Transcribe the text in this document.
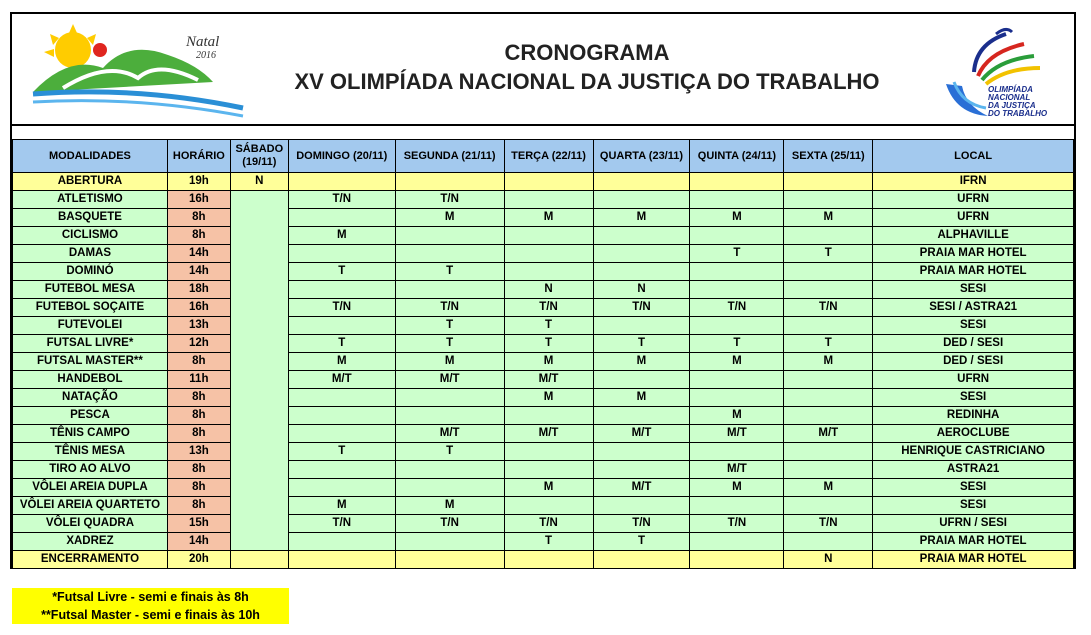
Natal
2016	CRONOGRAMA
XV OLIMPÍADA NACIONAL DA JUSTIÇA DO TRABALHO	OLIMPÍADA
NACIONAL
DA JUSTIÇA
DO TRABALHO
MODALIDADES	HORÁRIO	SÁBADO (19/11)	DOMINGO (20/11)	SEGUNDA (21/11)	TERÇA (22/11)	QUARTA (23/11)	QUINTA (24/11)	SEXTA (25/11)	LOCAL
ABERTURA	19h	N							IFRN
ATLETISMO	16h		T/N	T/N					UFRN
BASQUETE	8h			M	M	M	M	M	UFRN
CICLISMO	8h		M						ALPHAVILLE
DAMAS	14h						T	T	PRAIA MAR HOTEL
DOMINÓ	14h		T	T					PRAIA MAR HOTEL
FUTEBOL MESA	18h				N	N			SESI
FUTEBOL SOÇAITE	16h		T/N	T/N	T/N	T/N	T/N	T/N	SESI / ASTRA21
FUTEVOLEI	13h			T	T				SESI
FUTSAL LIVRE*	12h		T	T	T	T	T	T	DED / SESI
FUTSAL MASTER**	8h		M	M	M	M	M	M	DED / SESI
HANDEBOL	11h		M/T	M/T	M/T				UFRN
NATAÇÃO	8h				M	M			SESI
PESCA	8h						M		REDINHA
TÊNIS CAMPO	8h			M/T	M/T	M/T	M/T	M/T	AEROCLUBE
TÊNIS MESA	13h		T	T					HENRIQUE CASTRICIANO
TIRO AO ALVO	8h						M/T		ASTRA21
VÔLEI AREIA DUPLA	8h				M	M/T	M	M	SESI
VÔLEI AREIA QUARTETO	8h		M	M					SESI
VÔLEI QUADRA	15h		T/N	T/N	T/N	T/N	T/N	T/N	UFRN / SESI
XADREZ	14h				T	T			PRAIA MAR HOTEL
ENCERRAMENTO	20h							N	PRAIA MAR HOTEL
*Futsal Livre - semi e finais às 8h
**Futsal Master - semi e finais às 10h
